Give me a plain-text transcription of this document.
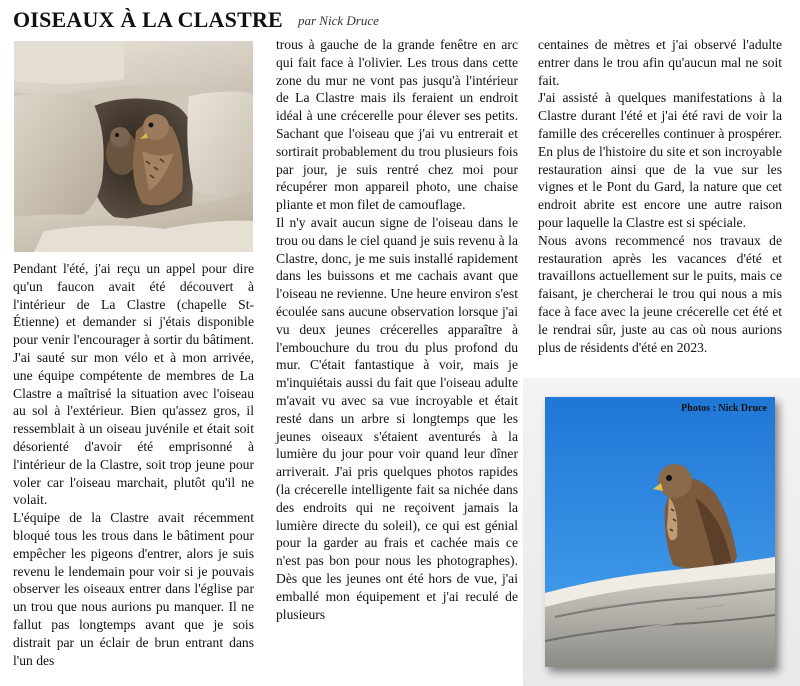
OISEAUX À LA CLASTRE par Nick Druce

Pendant l'été, j'ai reçu un appel pour dire qu'un faucon avait été découvert à l'intérieur de La Clastre (chapelle St-Étienne) et demander si j'étais disponible pour venir l'encourager à sortir du bâtiment. J'ai sauté sur mon vélo et à mon arrivée, une équipe compétente de membres de La Clastre a maîtrisé la situation avec l'oiseau au sol à l'extérieur. Bien qu'assez gros, il ressemblait à un oiseau juvénile et était soit désorienté d'avoir été emprisonné à l'intérieur de la Clastre, soit trop jeune pour voler car l'oiseau marchait, plutôt qu'il ne volait.

L'équipe de la Clastre avait récemment bloqué tous les trous dans le bâtiment pour empêcher les pigeons d'entrer, alors je suis revenu le lendemain pour voir si je pouvais observer les oiseaux entrer dans l'église par un trou que nous aurions pu manquer. Il ne fallut pas longtemps avant que je sois distrait par un éclair de brun entrant dans l'un des

trous à gauche de la grande fenêtre en arc qui fait face à l'olivier. Les trous dans cette zone du mur ne vont pas jusqu'à l'intérieur de La Clastre mais ils feraient un endroit idéal à une crécerelle pour élever ses petits. Sachant que l'oiseau que j'ai vu entrerait et sortirait probablement du trou plusieurs fois par jour, je suis rentré chez moi pour récupérer mon appareil photo, une chaise pliante et mon filet de camouflage.

Il n'y avait aucun signe de l'oiseau dans le trou ou dans le ciel quand je suis revenu à la Clastre, donc, je me suis installé rapidement dans les buissons et me cachais avant que l'oiseau ne revienne. Une heure environ s'est écoulée sans aucune observation lorsque j'ai vu deux jeunes crécerelles apparaître à l'embouchure du trou du plus profond du mur. C'était fantastique à voir, mais je m'inquiétais aussi du fait que l'oiseau adulte m'avait vu avec sa vue incroyable et était resté dans un arbre si longtemps que les jeunes oiseaux s'étaient aventurés à la lumière du jour pour voir quand leur dîner arriverait. J'ai pris quelques photos rapides (la crécerelle intelligente fait sa nichée dans des endroits qui ne reçoivent jamais la lumière directe du soleil), ce qui est génial pour la garder au frais et cachée mais ce n'est pas bon pour nous les photographes). Dès que les jeunes ont été hors de vue, j'ai emballé mon équipement et j'ai reculé de plusieurs

centaines de mètres et j'ai observé l'adulte entrer dans le trou afin qu'aucun mal ne soit fait.

J'ai assisté à quelques manifestations à la Clastre durant l'été et j'ai été ravi de voir la famille des crécerelles continuer à prospérer. En plus de l'histoire du site et son incroyable restauration ainsi que de la vue sur les vignes et le Pont du Gard, la nature que cet endroit abrite est encore une autre raison pour laquelle la Clastre est si spéciale.

Nous avons recommencé nos travaux de restauration après les vacances d'été et travaillons actuellement sur le puits, mais ce faisant, je chercherai le trou qui nous a mis face à face avec la jeune crécerelle cet été et le rendrai sûr, juste au cas où nous aurions plus de résidents d'été en 2023.

Photos : Nick Druce
